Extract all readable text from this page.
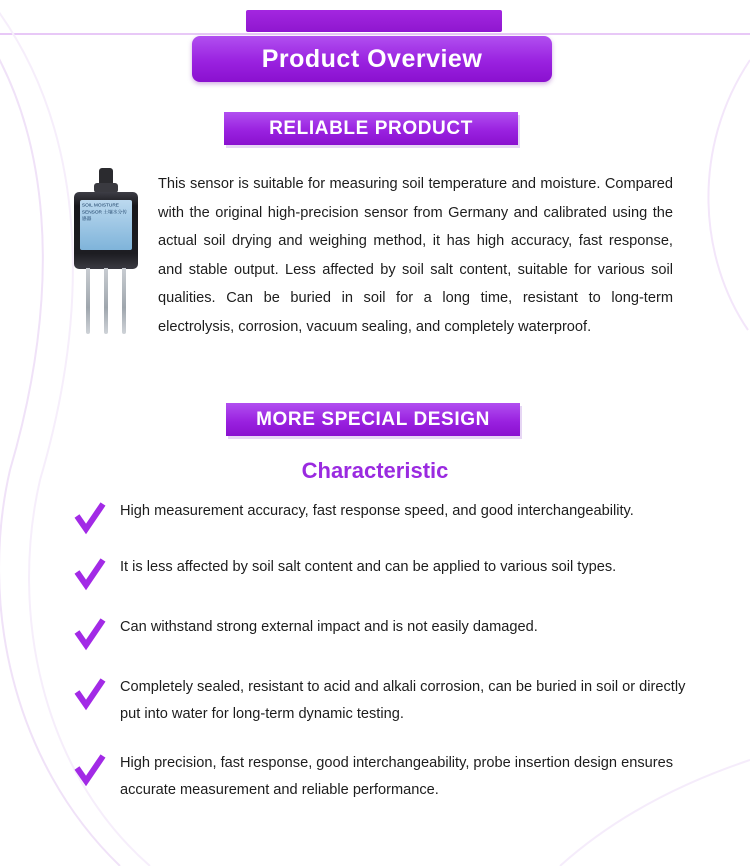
Product Overview
RELIABLE PRODUCT
SOIL MOISTURE SENSOR 土壤水分传感器
This sensor is suitable for measuring soil temperature and moisture. Compared with the original high-precision sensor from Germany and calibrated using the actual soil drying and weighing method, it has high accuracy, fast response, and stable output. Less affected by soil salt content, suitable for various soil qualities. Can be buried in soil for a long time, resistant to long-term electrolysis, corrosion, vacuum sealing, and completely waterproof.
MORE SPECIAL DESIGN
Characteristic
High measurement accuracy, fast response speed, and good interchangeability.
It is less affected by soil salt content and can be applied to various soil types.
Can withstand strong external impact and is not easily damaged.
Completely sealed, resistant to acid and alkali corrosion, can be buried in soil or directly put into water for long-term dynamic testing.
High precision, fast response, good interchangeability, probe insertion design ensures accurate measurement and reliable performance.
